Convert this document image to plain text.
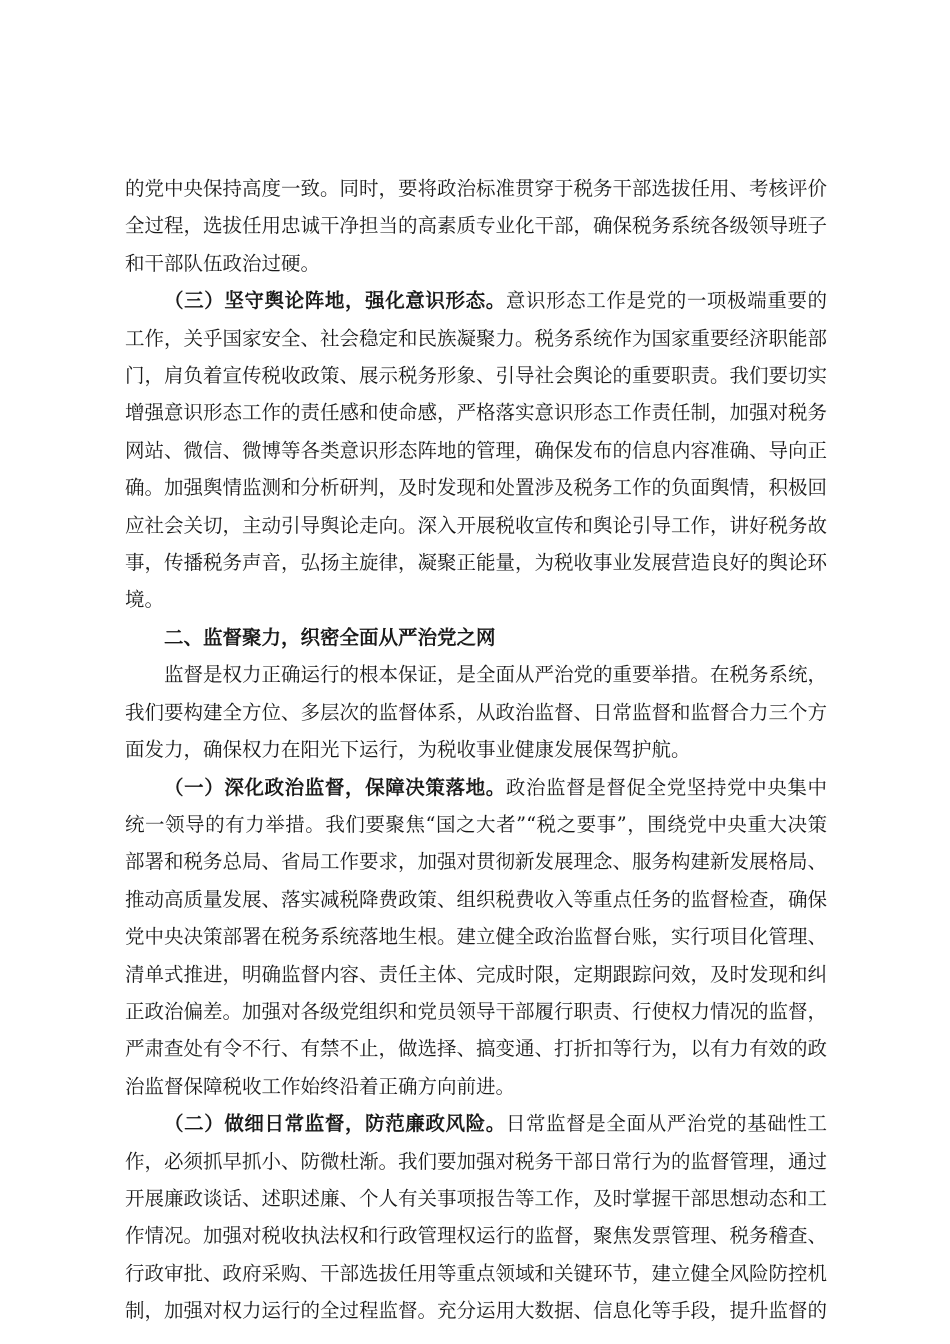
的党中央保持高度一致。同时，要将政治标准贯穿于税务干部选拔任用、考核评价全过程，选拔任用忠诚干净担当的高素质专业化干部，确保税务系统各级领导班子和干部队伍政治过硬。

（三）坚守舆论阵地，强化意识形态。意识形态工作是党的一项极端重要的工作，关乎国家安全、社会稳定和民族凝聚力。税务系统作为国家重要经济职能部门，肩负着宣传税收政策、展示税务形象、引导社会舆论的重要职责。我们要切实增强意识形态工作的责任感和使命感，严格落实意识形态工作责任制，加强对税务网站、微信、微博等各类意识形态阵地的管理，确保发布的信息内容准确、导向正确。加强舆情监测和分析研判，及时发现和处置涉及税务工作的负面舆情，积极回应社会关切，主动引导舆论走向。深入开展税收宣传和舆论引导工作，讲好税务故事，传播税务声音，弘扬主旋律，凝聚正能量，为税收事业发展营造良好的舆论环境。

二、监督聚力，织密全面从严治党之网

监督是权力正确运行的根本保证，是全面从严治党的重要举措。在税务系统，我们要构建全方位、多层次的监督体系，从政治监督、日常监督和监督合力三个方面发力，确保权力在阳光下运行，为税收事业健康发展保驾护航。

（一）深化政治监督，保障决策落地。政治监督是督促全党坚持党中央集中统一领导的有力举措。我们要聚焦“国之大者”“税之要事”，围绕党中央重大决策部署和税务总局、省局工作要求，加强对贯彻新发展理念、服务构建新发展格局、推动高质量发展、落实减税降费政策、组织税费收入等重点任务的监督检查，确保党中央决策部署在税务系统落地生根。建立健全政治监督台账，实行项目化管理、清单式推进，明确监督内容、责任主体、完成时限，定期跟踪问效，及时发现和纠正政治偏差。加强对各级党组织和党员领导干部履行职责、行使权力情况的监督，严肃查处有令不行、有禁不止，做选择、搞变通、打折扣等行为，以有力有效的政治监督保障税收工作始终沿着正确方向前进。

（二）做细日常监督，防范廉政风险。日常监督是全面从严治党的基础性工作，必须抓早抓小、防微杜渐。我们要加强对税务干部日常行为的监督管理，通过开展廉政谈话、述职述廉、个人有关事项报告等工作，及时掌握干部思想动态和工作情况。加强对税收执法权和行政管理权运行的监督，聚焦发票管理、税务稽查、行政审批、政府采购、干部选拔任用等重点领域和关键环节，建立健全风险防控机制，加强对权力运行的全过程监督。充分运用大数据、信息化等手段，提升监督的
